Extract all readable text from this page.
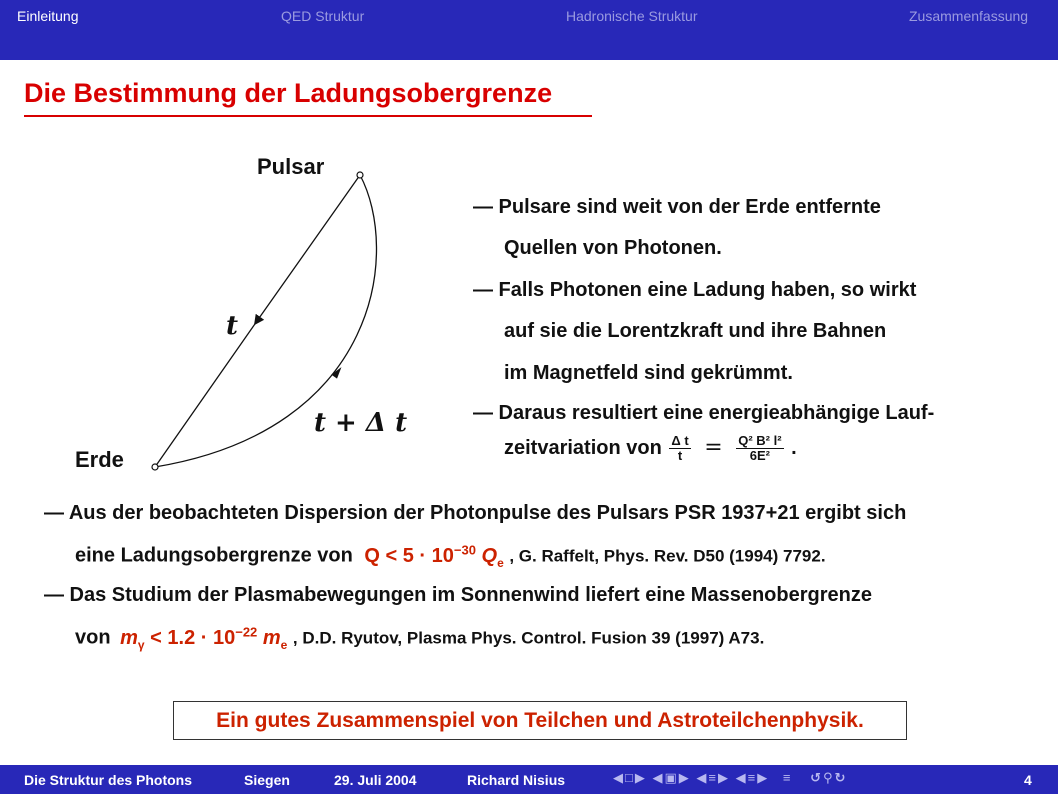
Einleitung	QED Struktur	Hadronische Struktur	Zusammenfassung
Die Bestimmung der Ladungsobergrenze
Pulsar
Erde
t
t + Δ t
— Pulsare sind weit von der Erde entfernte
Quellen von Photonen.
— Falls Photonen eine Ladung haben, so wirkt
auf sie die Lorentzkraft und ihre Bahnen
im Magnetfeld sind gekrümmt.
— Daraus resultiert eine energieabhängige Lauf-
zeitvariation von $\frac{\text{Δ t}}{t} = \frac{\text{Q² B² l²}}{\text{6E²}}$ .
— Aus der beobachteten Dispersion der Photonpulse des Pulsars PSR 1937+21 ergibt sich
eine Ladungsobergrenze von $Q < 5 \cdot 10^{-30}$ $Q_e$ , G. Raffelt, Phys. Rev. D50 (1994) 7792.
— Das Studium der Plasmabewegungen im Sonnenwind liefert eine Massenobergrenze
von $m_\gamma < 1.2 \cdot 10^{-22}$ $m_e$ , D.D. Ryutov, Plasma Phys. Control. Fusion 39 (1997) A73.
Ein gutes Zusammenspiel von Teilchen und Astroteilchenphysik.
Die Struktur des Photons	Siegen	29. Juli 2004	Richard Nisius	◀□▶ ◀▣▶ ◀≡▶ ◀≡▶ ≡ ↺⚲↻	4
